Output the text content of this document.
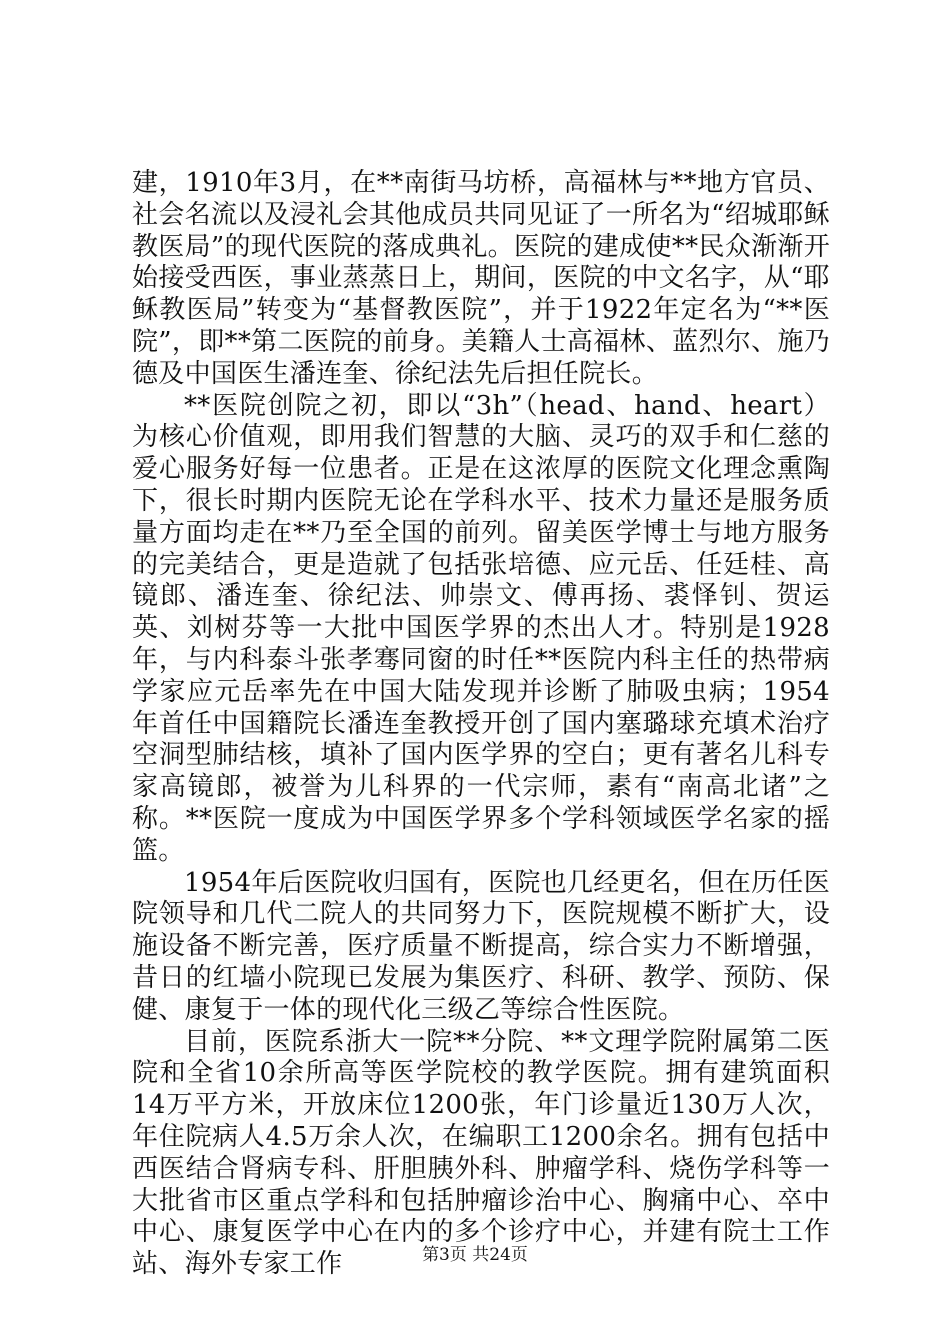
建，1910年3月，在**南街马坊桥，高福林与**地方官员、社会名流以及浸礼会其他成员共同见证了一所名为“绍城耶稣教医局”的现代医院的落成典礼。医院的建成使**民众渐渐开始接受西医，事业蒸蒸日上，期间，医院的中文名字，从“耶稣教医局”转变为“基督教医院”，并于1922年定名为“**医院”，即**第二医院的前身。美籍人士高福林、蓝烈尔、施乃德及中国医生潘连奎、徐纪法先后担任院长。

**医院创院之初，即以“3h”（head、hand、heart）为核心价值观，即用我们智慧的大脑、灵巧的双手和仁慈的爱心服务好每一位患者。正是在这浓厚的医院文化理念熏陶下，很长时期内医院无论在学科水平、技术力量还是服务质量方面均走在**乃至全国的前列。留美医学博士与地方服务的完美结合，更是造就了包括张培德、应元岳、任廷桂、高镜郎、潘连奎、徐纪法、帅崇文、傅再扬、裘怿钊、贺运英、刘树芬等一大批中国医学界的杰出人才。特别是1928年，与内科泰斗张孝骞同窗的时任**医院内科主任的热带病学家应元岳率先在中国大陆发现并诊断了肺吸虫病；1954年首任中国籍院长潘连奎教授开创了国内塞璐球充填术治疗空洞型肺结核，填补了国内医学界的空白；更有著名儿科专家高镜郎，被誉为儿科界的一代宗师，素有“南高北诸”之称。**医院一度成为中国医学界多个学科领域医学名家的摇篮。

1954年后医院收归国有，医院也几经更名，但在历任医院领导和几代二院人的共同努力下，医院规模不断扩大，设施设备不断完善，医疗质量不断提高，综合实力不断增强，昔日的红墙小院现已发展为集医疗、科研、教学、预防、保健、康复于一体的现代化三级乙等综合性医院。

目前，医院系浙大一院**分院、**文理学院附属第二医院和全省10余所高等医学院校的教学医院。拥有建筑面积14万平方米，开放床位1200张，年门诊量近130万人次，年住院病人4.5万余人次，在编职工1200余名。拥有包括中西医结合肾病专科、肝胆胰外科、肿瘤学科、烧伤学科等一大批省市区重点学科和包括肿瘤诊治中心、胸痛中心、卒中中心、康复医学中心在内的多个诊疗中心，并建有院士工作站、海外专家工作	第3页 共24页
